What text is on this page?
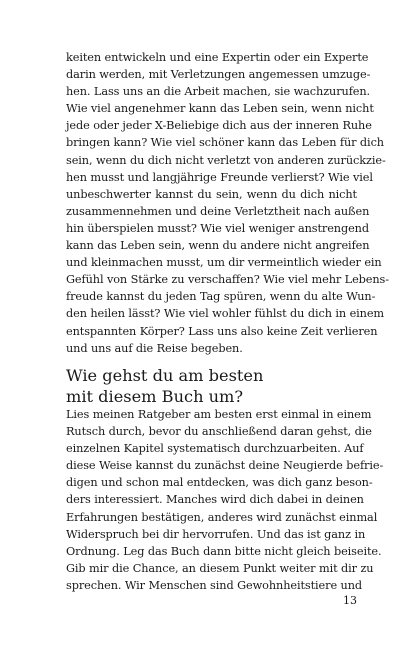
keiten entwickeln und eine Expertin oder ein Experte
darin werden, mit Verletzungen angemessen umzuge-
hen. Lass uns an die Arbeit machen, sie wachzurufen.
Wie viel angenehmer kann das Leben sein, wenn nicht
jede oder jeder X-Beliebige dich aus der inneren Ruhe
bringen kann? Wie viel schöner kann das Leben für dich
sein, wenn du dich nicht verletzt von anderen zurückzie-
hen musst und langjährige Freunde verlierst? Wie viel
unbeschwerter kannst du sein, wenn du dich nicht
zusammennehmen und deine Verletztheit nach außen
hin überspielen musst? Wie viel weniger anstrengend
kann das Leben sein, wenn du andere nicht angreifen
und kleinmachen musst, um dir vermeintlich wieder ein
Gefühl von Stärke zu verschaffen? Wie viel mehr Lebens-
freude kannst du jeden Tag spüren, wenn du alte Wun-
den heilen lässt? Wie viel wohler fühlst du dich in einem
entspannten Körper? Lass uns also keine Zeit verlieren
und uns auf die Reise begeben.
Wie gehst du am besten
mit diesem Buch um?
Lies meinen Ratgeber am besten erst einmal in einem
Rutsch durch, bevor du anschließend daran gehst, die
einzelnen Kapitel systematisch durchzuarbeiten. Auf
diese Weise kannst du zunächst deine Neugierde befrie-
digen und schon mal entdecken, was dich ganz beson-
ders interessiert. Manches wird dich dabei in deinen
Erfahrungen bestätigen, anderes wird zunächst einmal
Widerspruch bei dir hervorrufen. Und das ist ganz in
Ordnung. Leg das Buch dann bitte nicht gleich beiseite.
Gib mir die Chance, an diesem Punkt weiter mit dir zu
sprechen. Wir Menschen sind Gewohnheitstiere und
13
